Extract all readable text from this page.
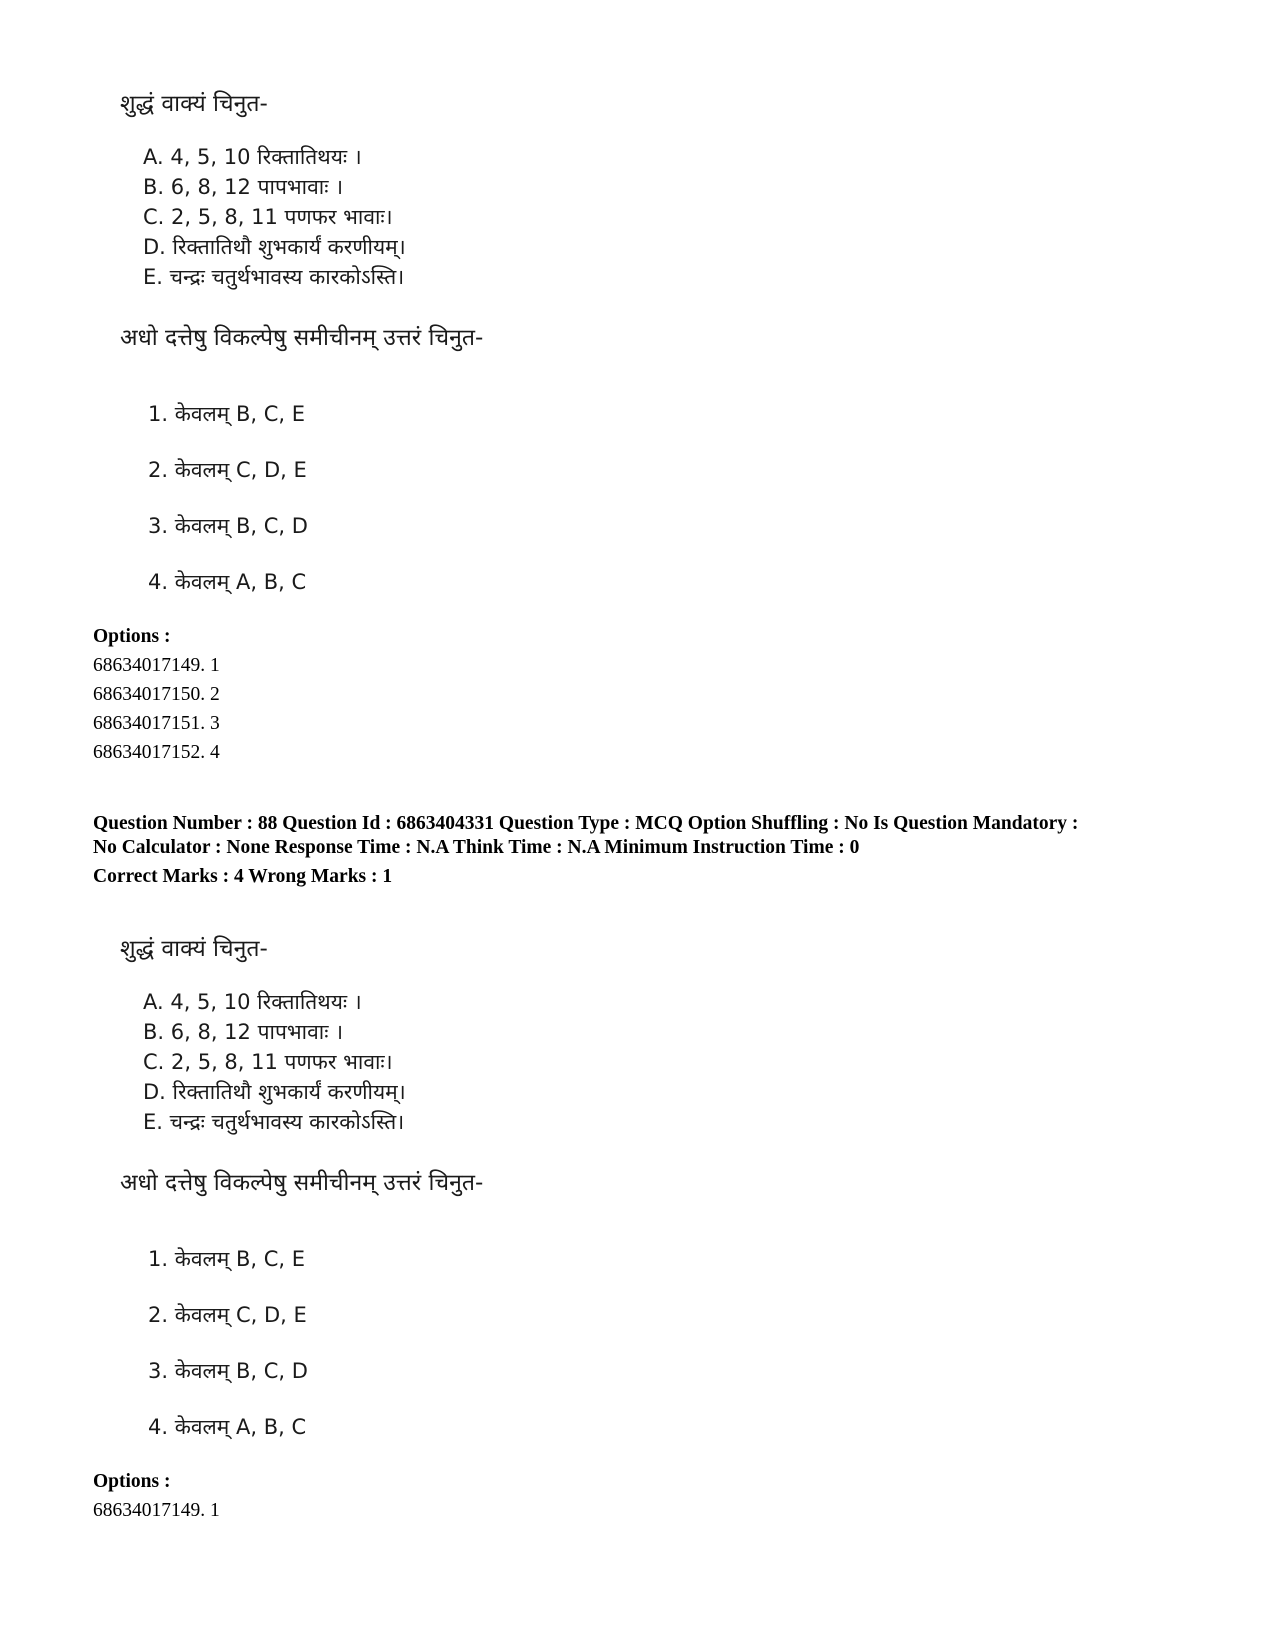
शुद्धं वाक्यं चिनुत-
A. 4, 5, 10 रिक्तातिथयः ।
B. 6, 8, 12 पापभावाः ।
C. 2, 5, 8, 11 पणफर भावाः।
D. रिक्तातिथौ शुभकार्यं करणीयम्।
E. चन्द्रः चतुर्थभावस्य कारकोऽस्ति।
अधो दत्तेषु विकल्पेषु समीचीनम् उत्तरं चिनुत-
1. केवलम् B, C, E
2. केवलम् C, D, E
3. केवलम् B, C, D
4. केवलम् A, B, C
Options :
68634017149. 1
68634017150. 2
68634017151. 3
68634017152. 4
Question Number : 88 Question Id : 6863404331 Question Type : MCQ Option Shuffling : No Is Question Mandatory :
No Calculator : None Response Time : N.A Think Time : N.A Minimum Instruction Time : 0
Correct Marks : 4 Wrong Marks : 1
शुद्धं वाक्यं चिनुत-
A. 4, 5, 10 रिक्तातिथयः ।
B. 6, 8, 12 पापभावाः ।
C. 2, 5, 8, 11 पणफर भावाः।
D. रिक्तातिथौ शुभकार्यं करणीयम्।
E. चन्द्रः चतुर्थभावस्य कारकोऽस्ति।
अधो दत्तेषु विकल्पेषु समीचीनम् उत्तरं चिनुत-
1. केवलम् B, C, E
2. केवलम् C, D, E
3. केवलम् B, C, D
4. केवलम् A, B, C
Options :
68634017149. 1
